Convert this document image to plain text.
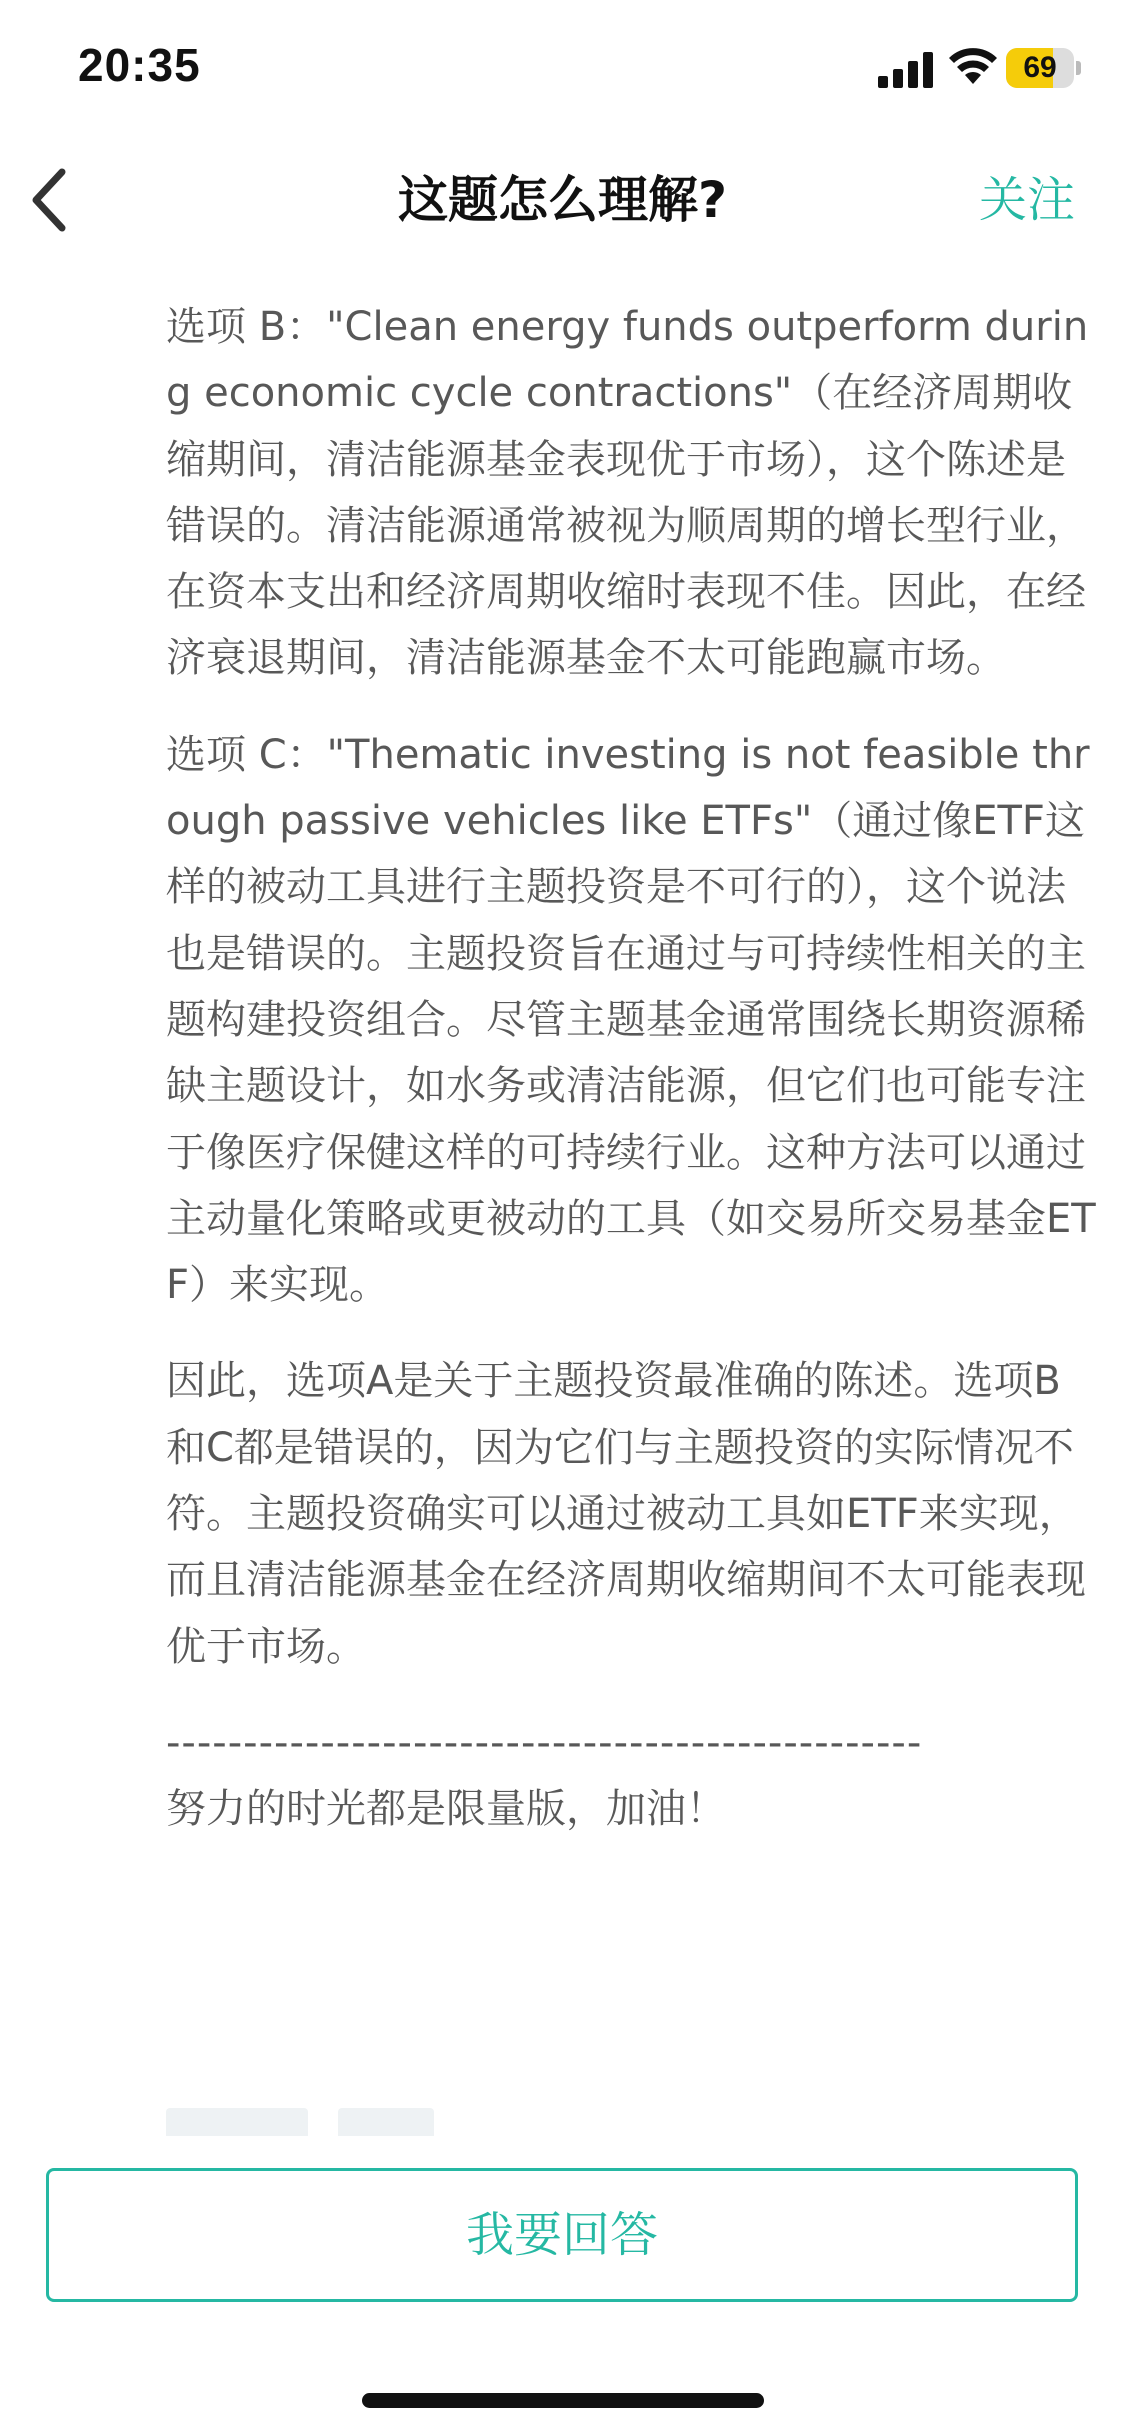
20:35	69
这题怎么理解?	关注

选项 B："Clean energy funds outperform during economic cycle contractions"（在经济周期收缩期间，清洁能源基金表现优于市场），这个陈述是错误的。清洁能源通常被视为顺周期的增长型行业，在资本支出和经济周期收缩时表现不佳。因此，在经济衰退期间，清洁能源基金不太可能跑赢市场。

选项 C："Thematic investing is not feasible through passive vehicles like ETFs"（通过像ETF这样的被动工具进行主题投资是不可行的），这个说法也是错误的。主题投资旨在通过与可持续性相关的主题构建投资组合。尽管主题基金通常围绕长期资源稀缺主题设计，如水务或清洁能源，但它们也可能专注于像医疗保健这样的可持续行业。这种方法可以通过主动量化策略或更被动的工具（如交易所交易基金ETF）来实现。

因此，选项A是关于主题投资最准确的陈述。选项B和C都是错误的，因为它们与主题投资的实际情况不符。主题投资确实可以通过被动工具如ETF来实现，而且清洁能源基金在经济周期收缩期间不太可能表现优于市场。

-------------------------------------------------

努力的时光都是限量版，加油！

我要回答
